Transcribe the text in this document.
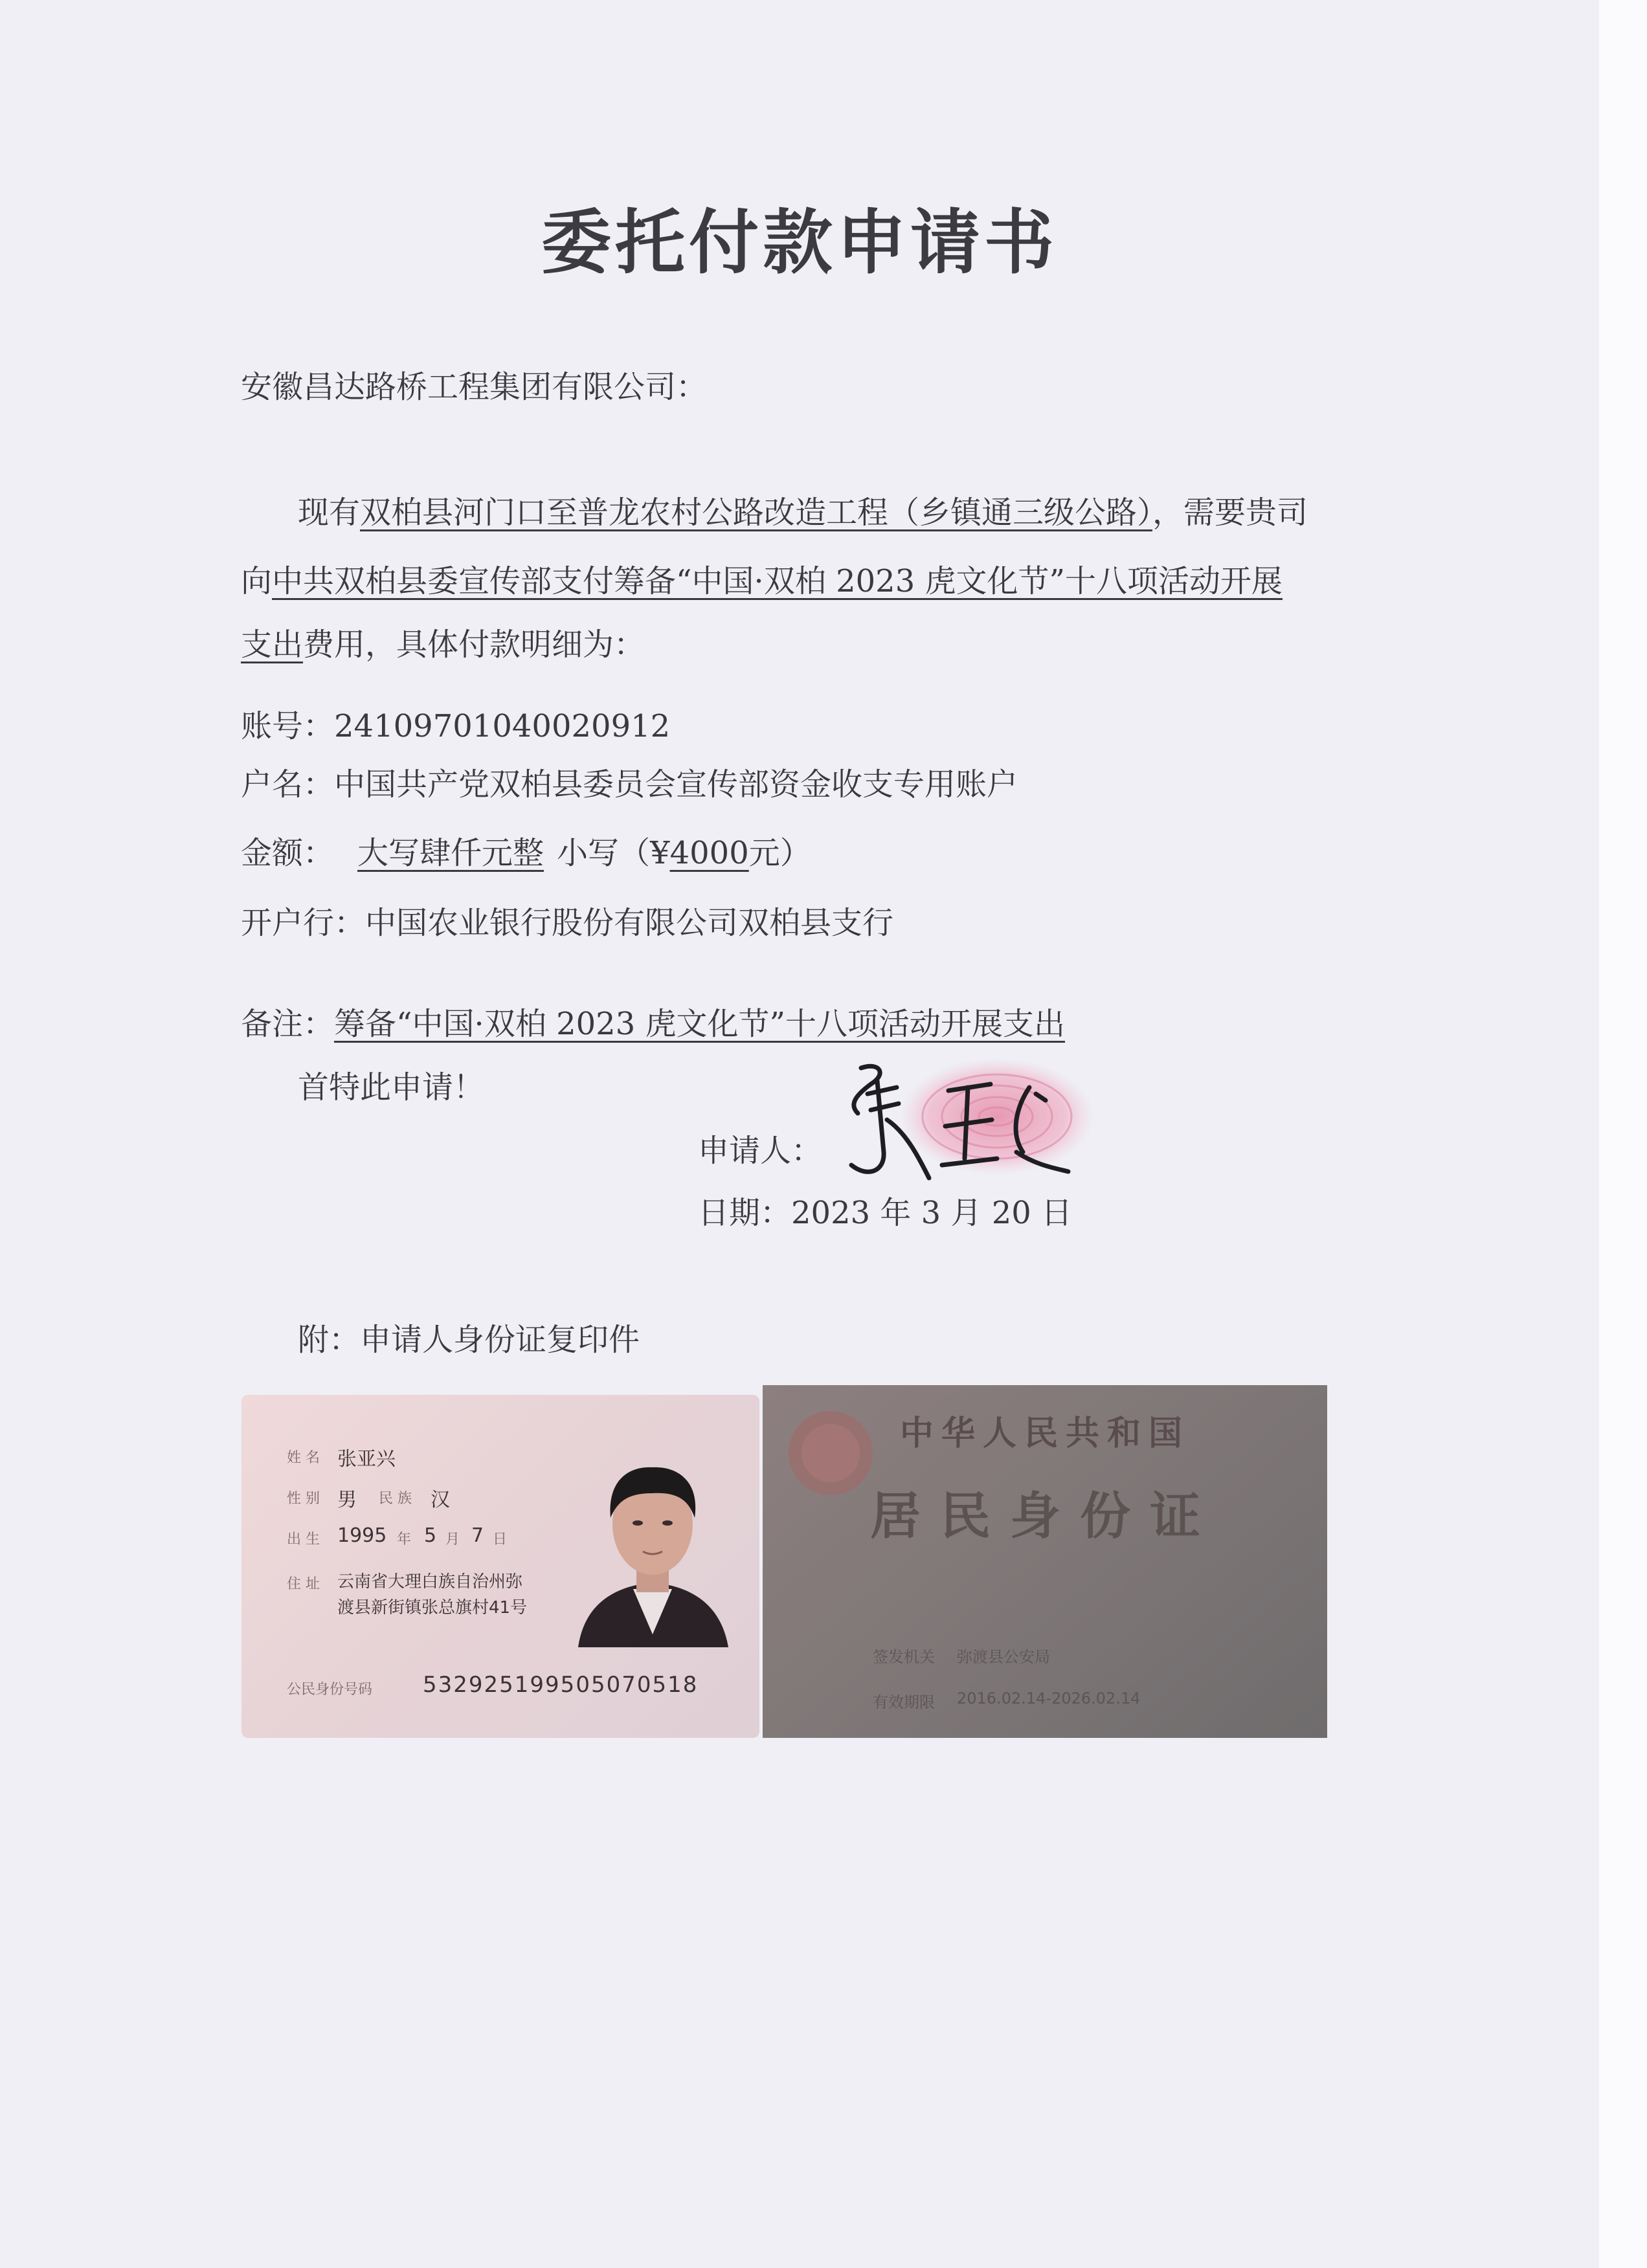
委托付款申请书
安徽昌达路桥工程集团有限公司：
现有双柏县河门口至普龙农村公路改造工程（乡镇通三级公路），需要贵司
向中共双柏县委宣传部支付筹备“中国·双柏 2023 虎文化节”十八项活动开展
支出费用，具体付款明细为：
账号：24109701040020912
户名：中国共产党双柏县委员会宣传部资金收支专用账户
金额： 大写肆仟元整 小写（¥4000元）
开户行：中国农业银行股份有限公司双柏县支行
备注：筹备“中国·双柏 2023 虎文化节”十八项活动开展支出
首特此申请！
申请人：
日期：2023 年 3 月 20 日
附：申请人身份证复印件
姓 名 张亚兴
性 别 男 民 族 汉
出 生 1995 年 5 月 7 日
住 址 云南省大理白族自治州弥
渡县新街镇张总旗村41号
公民身份号码 532925199505070518
中华人民共和国
居民身份证
签发机关 弥渡县公安局
有效期限 2016.02.14-2026.02.14
